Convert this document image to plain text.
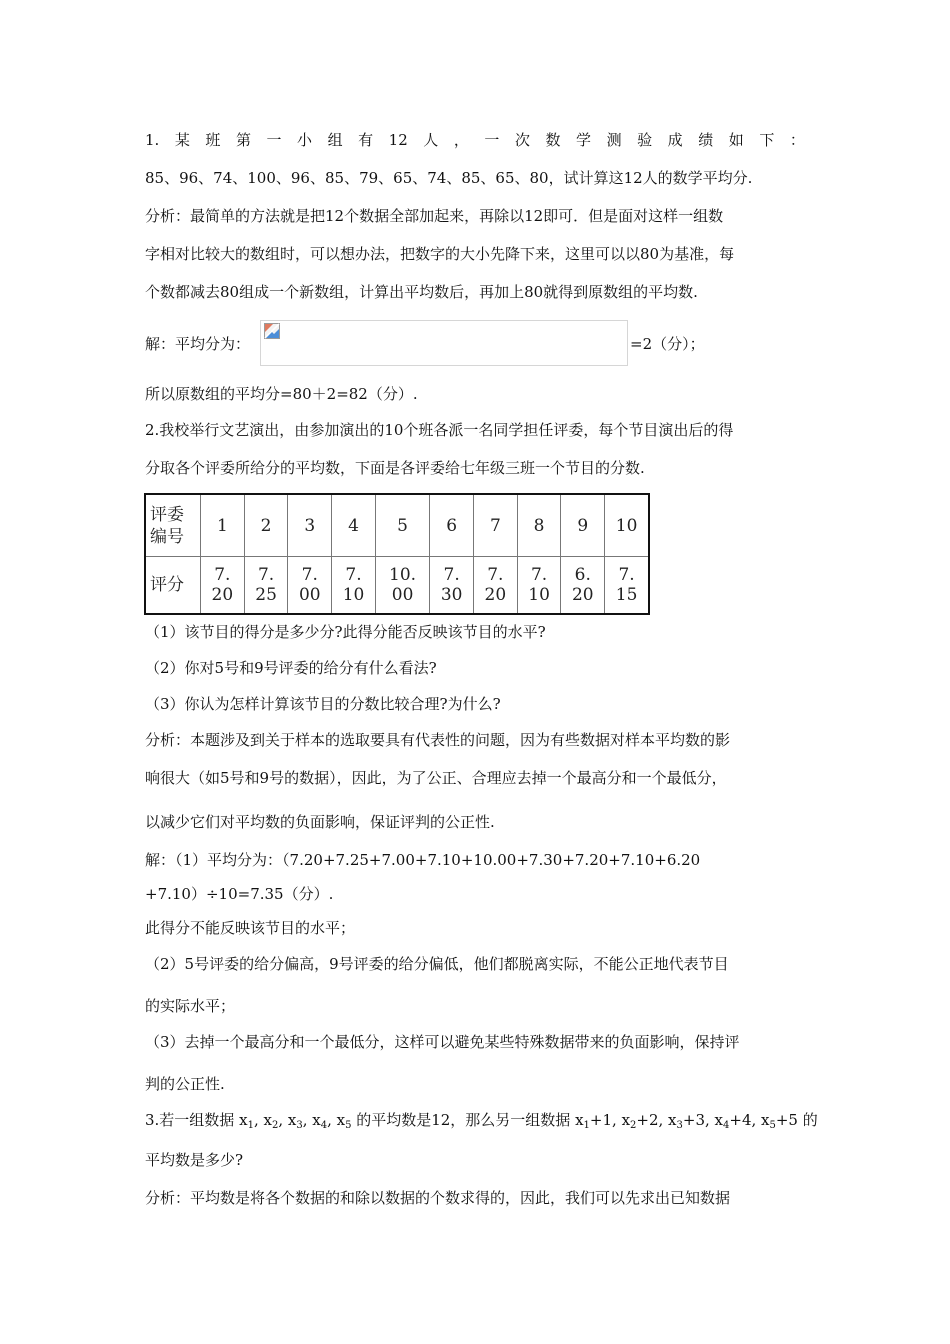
1. 某 班 第 一 小 组 有 12 人 ， 一 次 数 学 测 验 成 绩 如 下 ：
85、96、74、100、96、85、79、65、74、85、65、80，试计算这12人的数学平均分.
分析：最简单的方法就是把12个数据全部加起来，再除以12即可．但是面对这样一组数
字相对比较大的数组时，可以想办法，把数字的大小先降下来，这里可以以80为基准，每
个数都减去80组成一个新数组，计算出平均数后，再加上80就得到原数组的平均数.
解：平均分为：	=2（分）；
所以原数组的平均分=80＋2=82（分）.
2.我校举行文艺演出，由参加演出的10个班各派一名同学担任评委，每个节目演出后的得
分取各个评委所给分的平均数，下面是各评委给七年级三班一个节目的分数.
评委
编号	1	2	3	4	5	6	7	8	9	10
评分	7. 20	7. 25	7. 00	7. 10	10. 00	7. 30	7. 20	7. 10	6. 20	7. 15
（1）该节目的得分是多少分?此得分能否反映该节目的水平?
（2）你对5号和9号评委的给分有什么看法?
（3）你认为怎样计算该节目的分数比较合理?为什么?
分析：本题涉及到关于样本的选取要具有代表性的问题，因为有些数据对样本平均数的影
响很大（如5号和9号的数据），因此，为了公正、合理应去掉一个最高分和一个最低分，
以减少它们对平均数的负面影响，保证评判的公正性.
解：（1）平均分为：（7.20+7.25+7.00+7.10+10.00+7.30+7.20+7.10+6.20
+7.10）÷10=7.35（分）.
此得分不能反映该节目的水平；
（2）5号评委的给分偏高，9号评委的给分偏低，他们都脱离实际，不能公正地代表节目
的实际水平；
（3）去掉一个最高分和一个最低分，这样可以避免某些特殊数据带来的负面影响，保持评
判的公正性.
3.若一组数据 $x_1$, $x_2$, $x_3$, $x_4$, $x_5$ 的平均数是12，那么另一组数据 $x_1+1$, $x_2+2$, $x_3+3$, $x_4+4$, $x_5+5$ 的
平均数是多少?
分析：平均数是将各个数据的和除以数据的个数求得的，因此，我们可以先求出已知数据
